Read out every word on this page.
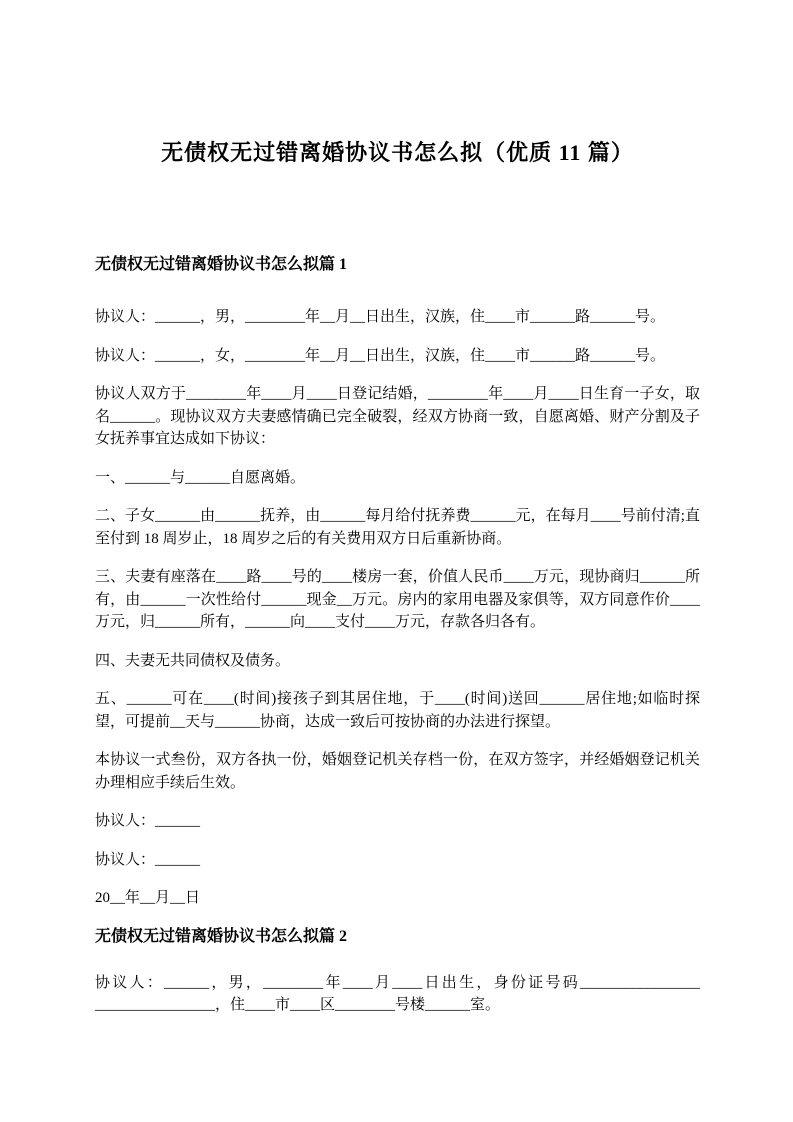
无债权无过错离婚协议书怎么拟（优质 11 篇）
无债权无过错离婚协议书怎么拟篇 1

协议人：______，男，________年__月__日出生，汉族，住____市______路______号。

协议人：______，女，________年__月__日出生，汉族，住____市______路______号。

协议人双方于________年____月____日登记结婚，________年____月____日生育一子女，取名______。现协议双方夫妻感情确已完全破裂，经双方协商一致，自愿离婚、财产分割及子女抚养事宜达成如下协议：

一、______与______自愿离婚。

二、子女______由______抚养，由______每月给付抚养费______元，在每月____号前付清;直至付到 18 周岁止，18 周岁之后的有关费用双方日后重新协商。

三、夫妻有座落在____路____号的____楼房一套，价值人民币____万元，现协商归______所有，由______一次性给付______现金__万元。房内的家用电器及家俱等，双方同意作价____万元，归______所有，______向____支付____万元，存款各归各有。

四、夫妻无共同债权及债务。

五、______可在____(时间)接孩子到其居住地，于____(时间)送回______居住地;如临时探望，可提前__天与______协商，达成一致后可按协商的办法进行探望。

本协议一式叁份，双方各执一份，婚姻登记机关存档一份，在双方签字，并经婚姻登记机关办理相应手续后生效。

协议人：______

协议人：______

20__年__月__日

无债权无过错离婚协议书怎么拟篇 2

协议人：______，男，________年____月____日出生，身份证号码________________​________________，住____市____区________号楼______室。
